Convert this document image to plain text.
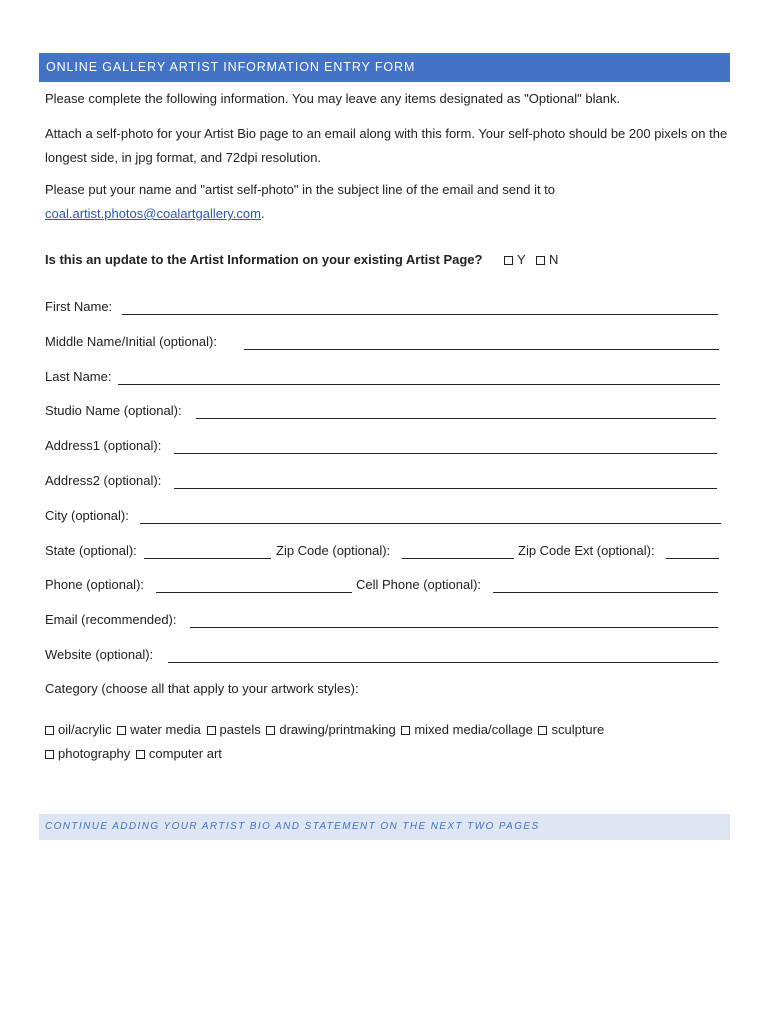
ONLINE GALLERY ARTIST INFORMATION ENTRY FORM

Please complete the following information. You may leave any items designated as "Optional" blank.

Attach a self-photo for your Artist Bio page to an email along with this form. Your self-photo should be 200 pixels on the longest side, in jpg format, and 72dpi resolution.

Please put your name and "artist self-photo" in the subject line of the email and send it to
coal.artist.photos@coalartgallery.com.

Is this an update to the Artist Information on your existing Artist Page?	Y	N
First Name:
Middle Name/Initial (optional):
Last Name:
Studio Name (optional):
Address1 (optional):
Address2 (optional):
City (optional):
State (optional):	Zip Code (optional):	Zip Code Ext (optional):
Phone (optional):	Cell Phone (optional):
Email (recommended):
Website (optional):
Category (choose all that apply to your artwork styles):
oil/acrylic water media pastels drawing/printmaking mixed media/collage sculpture
photography computer art
CONTINUE ADDING YOUR ARTIST BIO AND STATEMENT ON THE NEXT TWO PAGES
